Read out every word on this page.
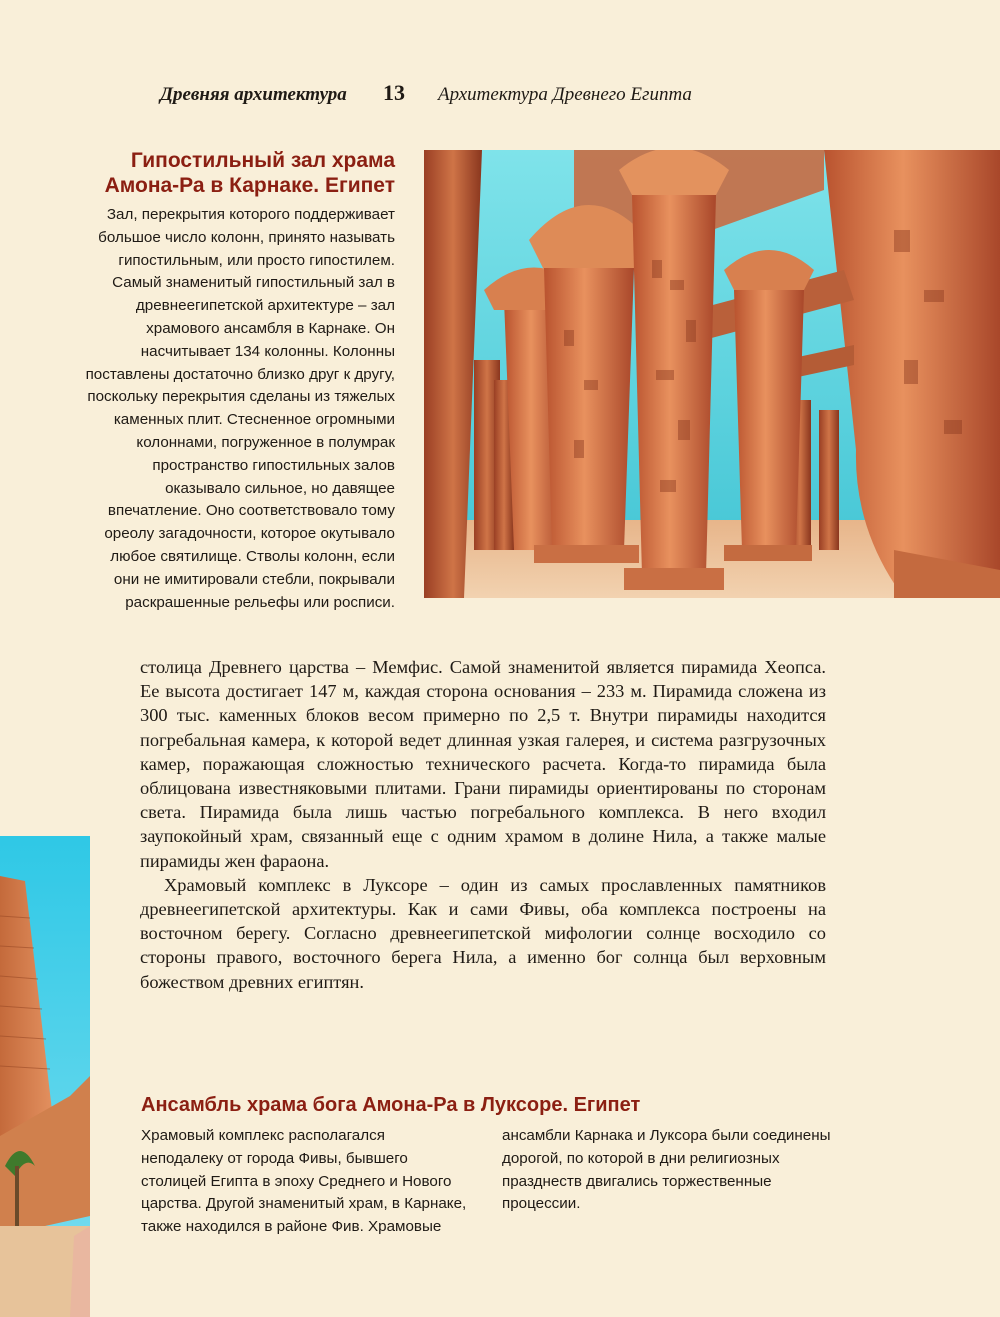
Древняя архитектура 13 Архитектура Древнего Египта

Гипостильный зал храма Амона-Ра в Карнаке. Египет

Зал, перекрытия которого поддерживает большое число колонн, принято называть гипостильным, или просто гипостилем. Самый знаменитый гипостильный зал в древнеегипетской архитектуре – зал храмового ансамбля в Карнаке. Он насчитывает 134 колонны. Колонны поставлены достаточно близко друг к другу, поскольку перекрытия сделаны из тяжелых каменных плит. Стесненное огромными колоннами, погруженное в полумрак пространство гипостильных залов оказывало сильное, но давящее впечатление. Оно соответствовало тому ореолу загадочности, которое окутывало любое святилище. Стволы колонн, если они не имитировали стебли, покрывали раскрашенные рельефы или росписи.

столица Древнего царства – Мемфис. Самой знаменитой является пирамида Хеопса. Ее высота достигает 147 м, каждая сторона основания – 233 м. Пирамида сложена из 300 тыс. каменных блоков весом примерно по 2,5 т. Внутри пирамиды находится погребальная камера, к которой ведет длинная узкая галерея, и система разгрузочных камер, поражающая сложностью технического расчета. Когда-то пирамида была облицована известняковыми плитами. Грани пирамиды ориентированы по сторонам света. Пирамида была лишь частью погребального комплекса. В него входил заупокойный храм, связанный еще с одним храмом в долине Нила, а также малые пирамиды жен фараона.

Храмовый комплекс в Луксоре – один из самых прославленных памятников древнеегипетской архитектуры. Как и сами Фивы, оба комплекса построены на восточном берегу. Согласно древнеегипетской мифологии солнце восходило со стороны правого, восточного берега Нила, а именно бог солнца был верховным божеством древних египтян.

Ансамбль храма бога Амона-Ра в Луксоре. Египет

Храмовый комплекс располагался неподалеку от города Фивы, бывшего столицей Египта в эпоху Среднего и Нового царства. Другой знаменитый храм, в Карнаке, также находился в районе Фив. Храмовые ансамбли Карнака и Луксора были соединены дорогой, по которой в дни религиозных празднеств двигались торжественные процессии.
